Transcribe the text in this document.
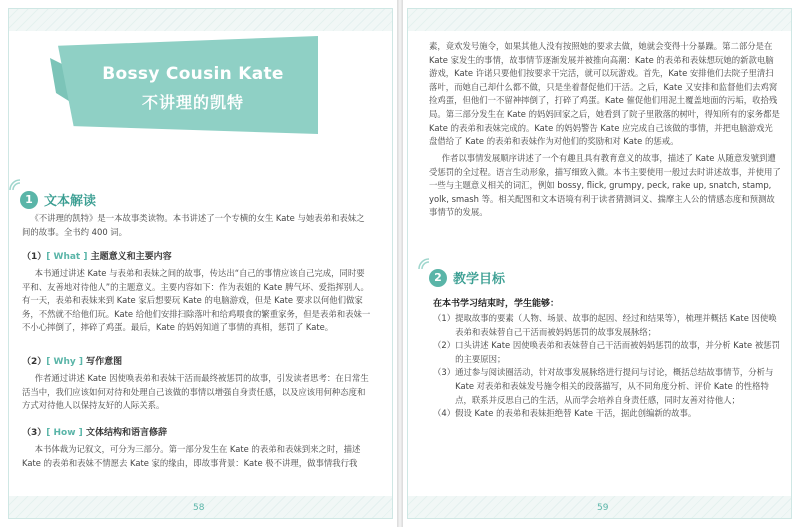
Bossy Cousin Kate
不讲理的凯特
1 文本解读
《不讲理的凯特》是一本故事类读物。本书讲述了一个专横的女生 Kate 与她表弟和表妹之间的故事。全书约 400 词。
（1）[ What ] 主题意义和主要内容
本书通过讲述 Kate 与表弟和表妹之间的故事，传达出“自己的事情应该自己完成，同时要平和、友善地对待他人”的主题意义。主要内容如下：作为表姐的 Kate 脾气坏、爱指挥别人。有一天，表弟和表妹来到 Kate 家后想要玩 Kate 的电脑游戏，但是 Kate 要求以何他们做家务，不然就不给他们玩。Kate 给他们安排扫除落叶和给鸡喂食的繁重家务，但是表弟和表妹一不小心摔倒了，摔碎了鸡蛋。最后，Kate 的妈妈知道了事情的真相，惩罚了 Kate。
（2）[ Why ] 写作意图
作者通过讲述 Kate 因使唤表弟和表妹干活而最终被惩罚的故事，引发读者思考：在日常生活当中，我们应该如何对待和处理自己该做的事情以增强自身责任感，以及应该用何种态度和方式对待他人以保持友好的人际关系。
（3）[ How ] 文体结构和语言修辞
本书体裁为记叙文，可分为三部分。第一部分发生在 Kate 的表弟和表妹到来之时，描述 Kate 的表弟和表妹不情愿去 Kate 家的缘由，即故事背景：Kate 极不讲理，做事情我行我
58
素，竟欢发号施令，如果其他人没有按照她的要求去做，她就会变得十分暴躁。第二部分是在 Kate 家发生的事情，故事情节逐渐发展并被推向高潮：Kate 的表弟和表妹想玩她的新款电脑游戏，Kate 许诺只要他们按要求干完活，就可以玩游戏。首先，Kate 安排他们去院子里清扫落叶，而她自己却什么都不做，只是坐着督促他们干活。之后，Kate 又安排和监督他们去鸡窝捡鸡蛋，但他们一不留神摔倒了，打碎了鸡蛋。Kate 催促他们用泥土覆盖地面的污垢，收拾残局。第三部分发生在 Kate 的妈妈回家之后，她看到了院子里散落的树叶，得知所有的家务都是 Kate 的表弟和表妹完成的。Kate 的妈妈警告 Kate 应完成自己该做的事情，并把电脑游戏光盘借给了 Kate 的表弟和表妹作为对他们的奖励和对 Kate 的惩戒。
作者以事情发展顺序讲述了一个有趣且具有教育意义的故事，描述了 Kate 从随意发號到遭受惩罚的全过程。语言生动形象，描写细致入微。本书主要使用一般过去时讲述故事，并使用了一些与主题意义相关的词汇，例如 bossy, flick, grumpy, peck, rake up, snatch, stamp, yolk, smash 等。相关配图和文本语境有利于读者猜测词义、揣摩主人公的情感态度和预测故事情节的发展。
2 教学目标
在本书学习结束时，学生能够：
（1） 提取故事的要素（人物、场景、故事的起因、经过和结果等），梳理并概括 Kate 因使唤表弟和表妹替自己干活而被妈妈惩罚的故事发展脉络；
（2） 口头讲述 Kate 因使唤表弟和表妹替自己干活而被妈妈惩罚的故事，并分析 Kate 被惩罚的主要原因；
（3） 通过参与阅读圈活动，针对故事发展脉络进行提问与讨论，概括总结故事情节，分析与 Kate 对表弟和表妹发号施令相关的段落描写，从不同角度分析、评价 Kate 的性格特点，联系并反思自己的生活，从而学会培养自身责任感，同时友善对待他人；
（4） 假设 Kate 的表弟和表妹拒绝替 Kate 干活，据此创编新的故事。
59
